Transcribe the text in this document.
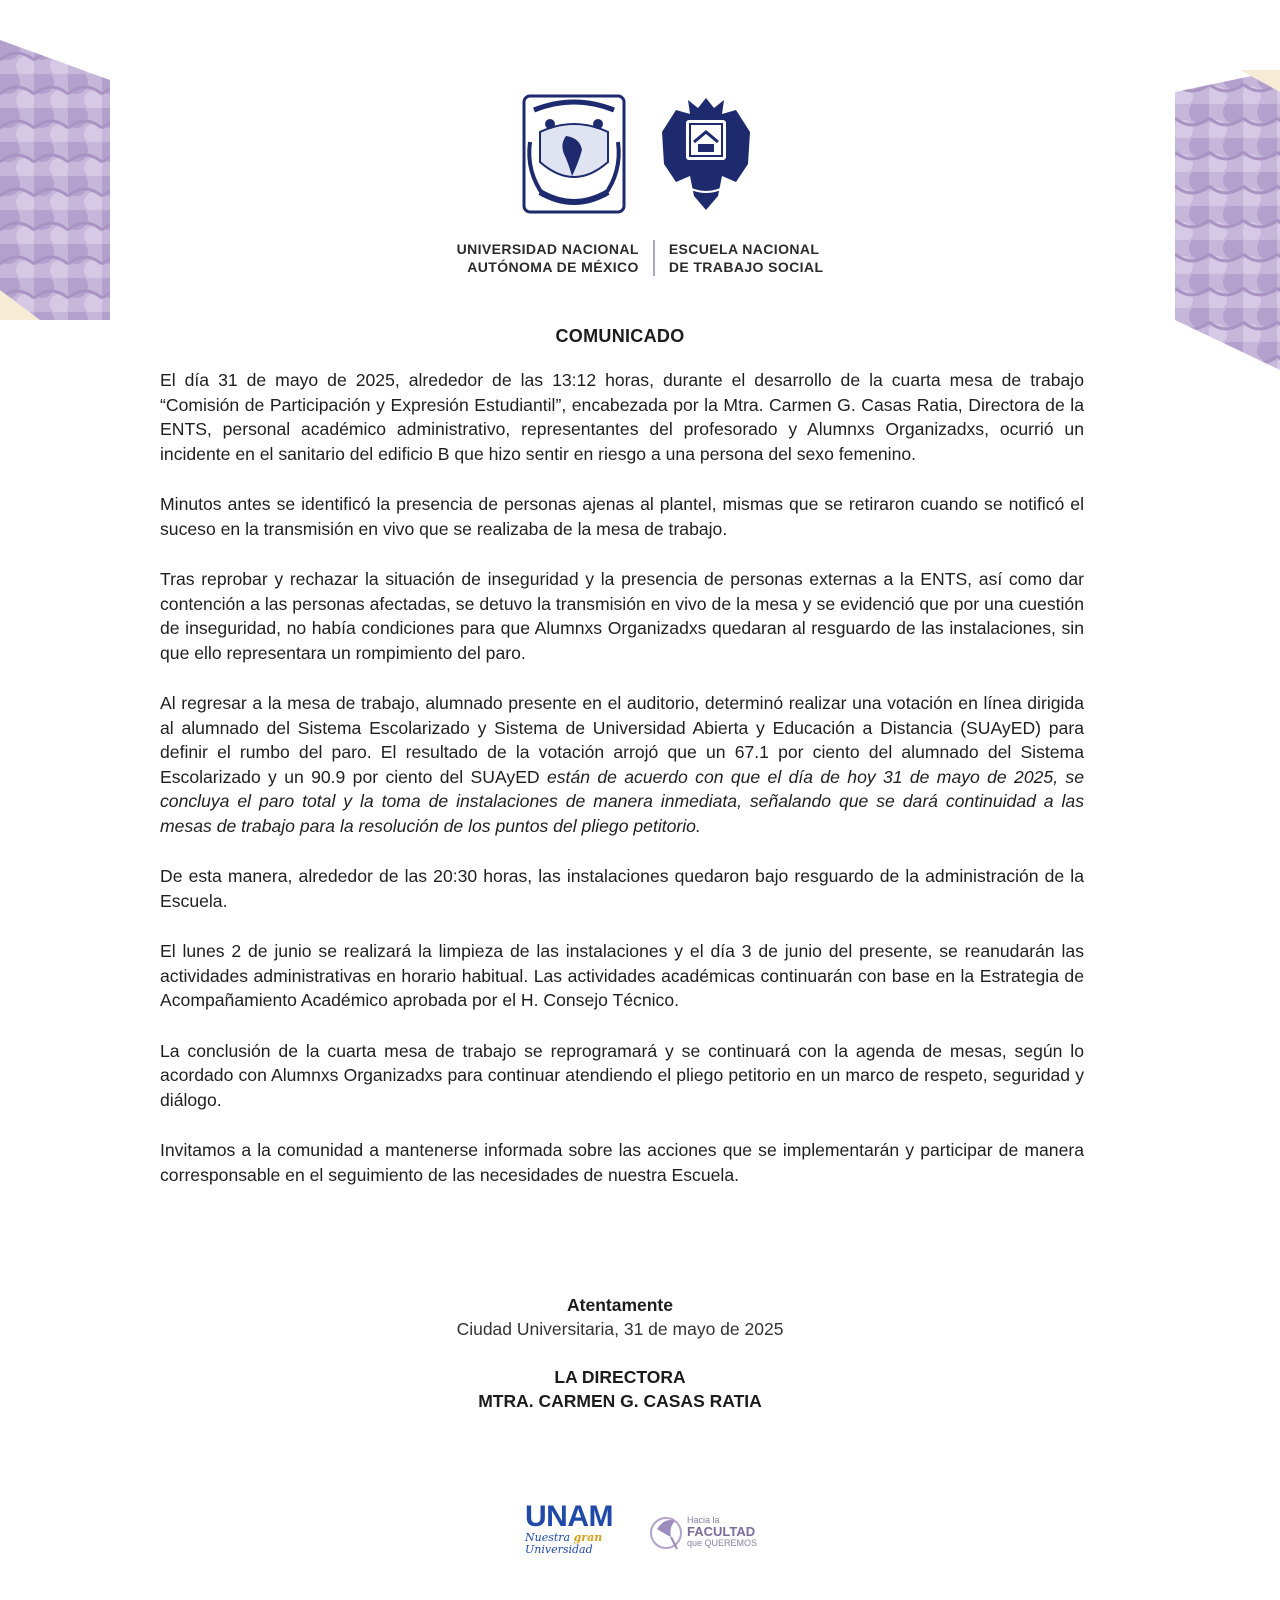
UNIVERSIDAD NACIONAL
AUTÓNOMA DE MÉXICO
ESCUELA NACIONAL
DE TRABAJO SOCIAL
COMUNICADO

El día 31 de mayo de 2025, alrededor de las 13:12 horas, durante el desarrollo de la cuarta mesa de trabajo “Comisión de Participación y Expresión Estudiantil”, encabezada por la Mtra. Carmen G. Casas Ratia, Directora de la ENTS, personal académico administrativo, representantes del profesorado y Alumnxs Organizadxs, ocurrió un incidente en el sanitario del edificio B que hizo sentir en riesgo a una persona del sexo femenino.

Minutos antes se identificó la presencia de personas ajenas al plantel, mismas que se retiraron cuando se notificó el suceso en la transmisión en vivo que se realizaba de la mesa de trabajo.

Tras reprobar y rechazar la situación de inseguridad y la presencia de personas externas a la ENTS, así como dar contención a las personas afectadas, se detuvo la transmisión en vivo de la mesa y se evidenció que por una cuestión de inseguridad, no había condiciones para que Alumnxs Organizadxs quedaran al resguardo de las instalaciones, sin que ello representara un rompimiento del paro.

Al regresar a la mesa de trabajo, alumnado presente en el auditorio, determinó realizar una votación en línea dirigida al alumnado del Sistema Escolarizado y Sistema de Universidad Abierta y Educación a Distancia (SUAyED) para definir el rumbo del paro. El resultado de la votación arrojó que un 67.1 por ciento del alumnado del Sistema Escolarizado y un 90.9 por ciento del SUAyED están de acuerdo con que el día de hoy 31 de mayo de 2025, se concluya el paro total y la toma de instalaciones de manera inmediata, señalando que se dará continuidad a las mesas de trabajo para la resolución de los puntos del pliego petitorio.

De esta manera, alrededor de las 20:30 horas, las instalaciones quedaron bajo resguardo de la administración de la Escuela.

El lunes 2 de junio se realizará la limpieza de las instalaciones y el día 3 de junio del presente, se reanudarán las actividades administrativas en horario habitual. Las actividades académicas continuarán con base en la Estrategia de Acompañamiento Académico aprobada por el H. Consejo Técnico.

La conclusión de la cuarta mesa de trabajo se reprogramará y se continuará con la agenda de mesas, según lo acordado con Alumnxs Organizadxs para continuar atendiendo el pliego petitorio en un marco de respeto, seguridad y diálogo.

Invitamos a la comunidad a mantenerse informada sobre las acciones que se implementarán y participar de manera corresponsable en el seguimiento de las necesidades de nuestra Escuela.

Atentamente
Ciudad Universitaria, 31 de mayo de 2025
LA DIRECTORA
MTRA. CARMEN G. CASAS RATIA
UNAM
Nuestra gran
Universidad
Hacia la
FACULTAD
que QUEREMOS
